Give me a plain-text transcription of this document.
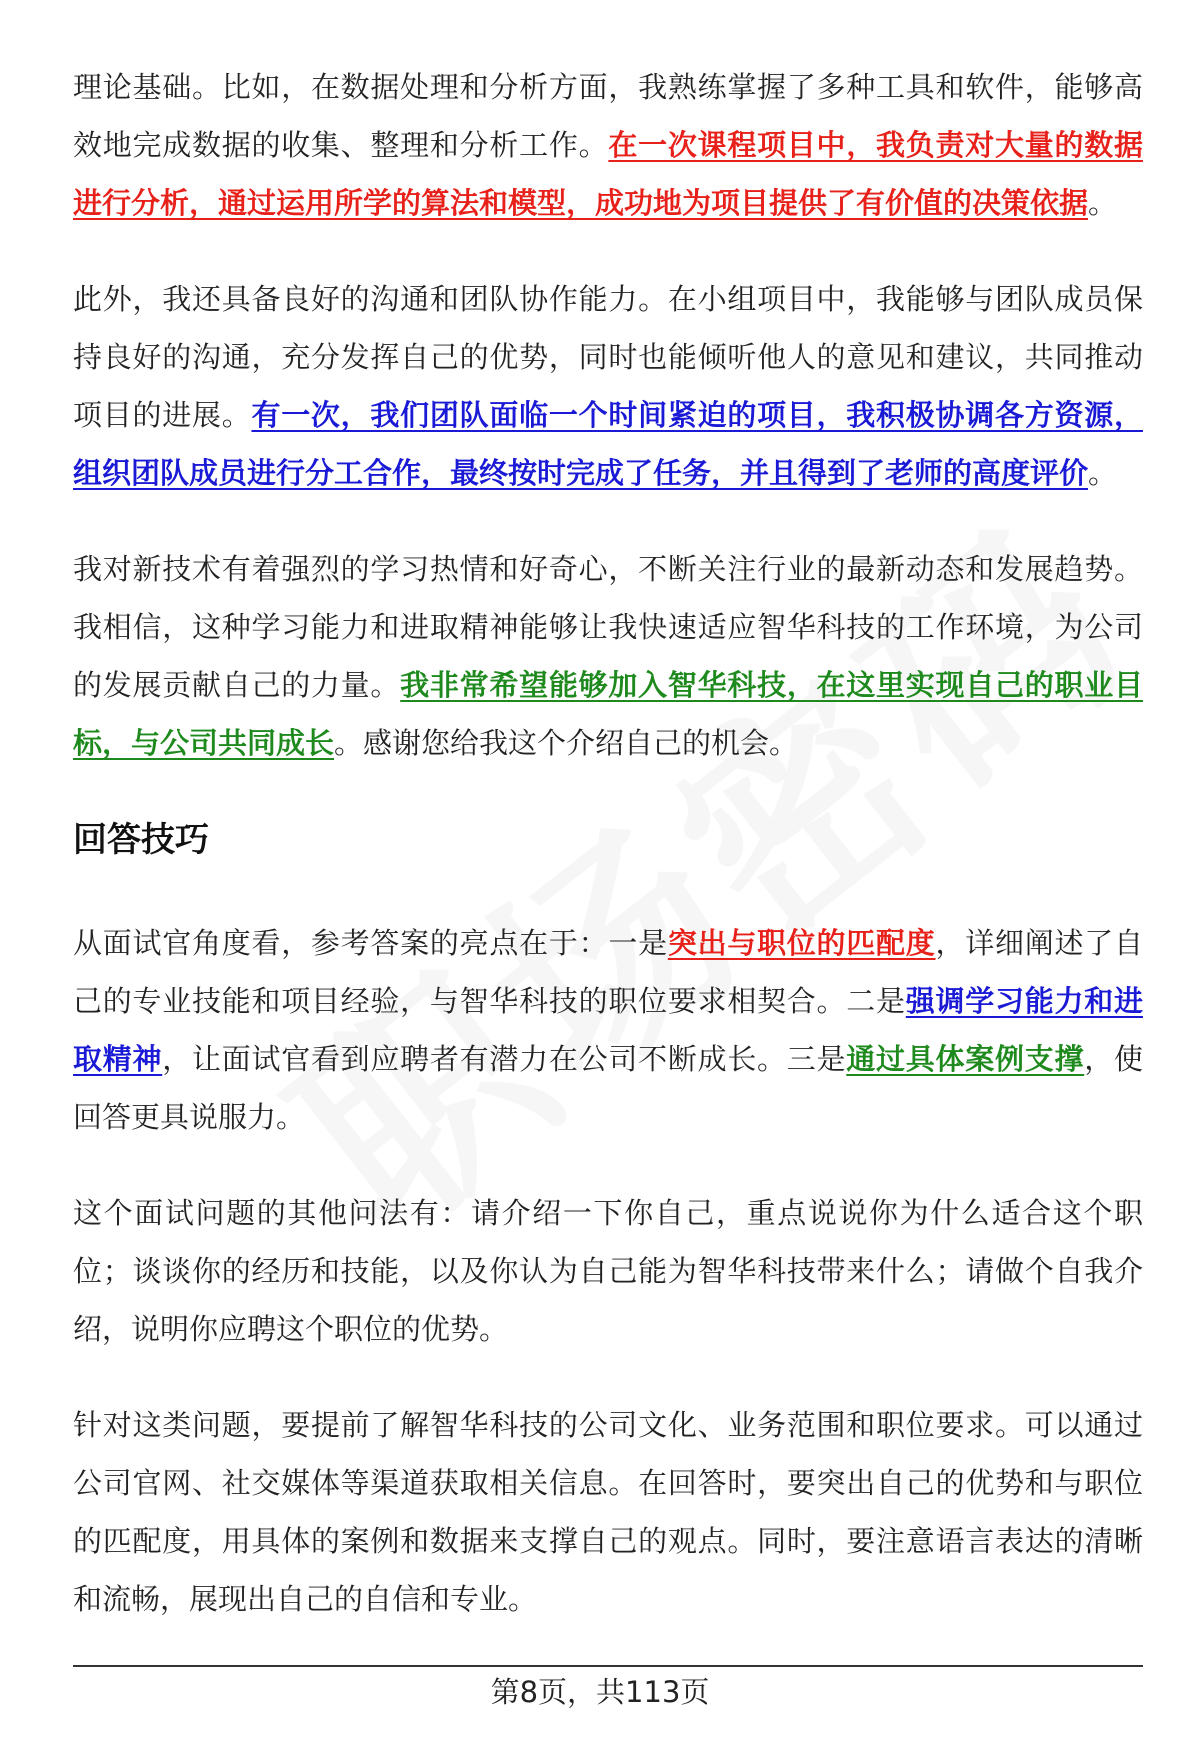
理论基础。比如，在数据处理和分析方面，我熟练掌握了多种工具和软件，能够高效地完成数据的收集、整理和分析工作。在一次课程项目中，我负责对大量的数据进行分析，通过运用所学的算法和模型，成功地为项目提供了有价值的决策依据。

此外，我还具备良好的沟通和团队协作能力。在小组项目中，我能够与团队成员保持良好的沟通，充分发挥自己的优势，同时也能倾听他人的意见和建议，共同推动项目的进展。有一次，我们团队面临一个时间紧迫的项目，我积极协调各方资源，组织团队成员进行分工合作，最终按时完成了任务，并且得到了老师的高度评价。

我对新技术有着强烈的学习热情和好奇心，不断关注行业的最新动态和发展趋势。我相信，这种学习能力和进取精神能够让我快速适应智华科技的工作环境，为公司的发展贡献自己的力量。我非常希望能够加入智华科技，在这里实现自己的职业目标，与公司共同成长。感谢您给我这个介绍自己的机会。

回答技巧

从面试官角度看，参考答案的亮点在于：一是突出与职位的匹配度，详细阐述了自己的专业技能和项目经验，与智华科技的职位要求相契合。二是强调学习能力和进取精神，让面试官看到应聘者有潜力在公司不断成长。三是通过具体案例支撑，使回答更具说服力。

这个面试问题的其他问法有：请介绍一下你自己，重点说说你为什么适合这个职位；谈谈你的经历和技能，以及你认为自己能为智华科技带来什么；请做个自我介绍，说明你应聘这个职位的优势。

针对这类问题，要提前了解智华科技的公司文化、业务范围和职位要求。可以通过公司官网、社交媒体等渠道获取相关信息。在回答时，要突出自己的优势和与职位的匹配度，用具体的案例和数据来支撑自己的观点。同时，要注意语言表达的清晰和流畅，展现出自己的自信和专业。

第8页，共113页
